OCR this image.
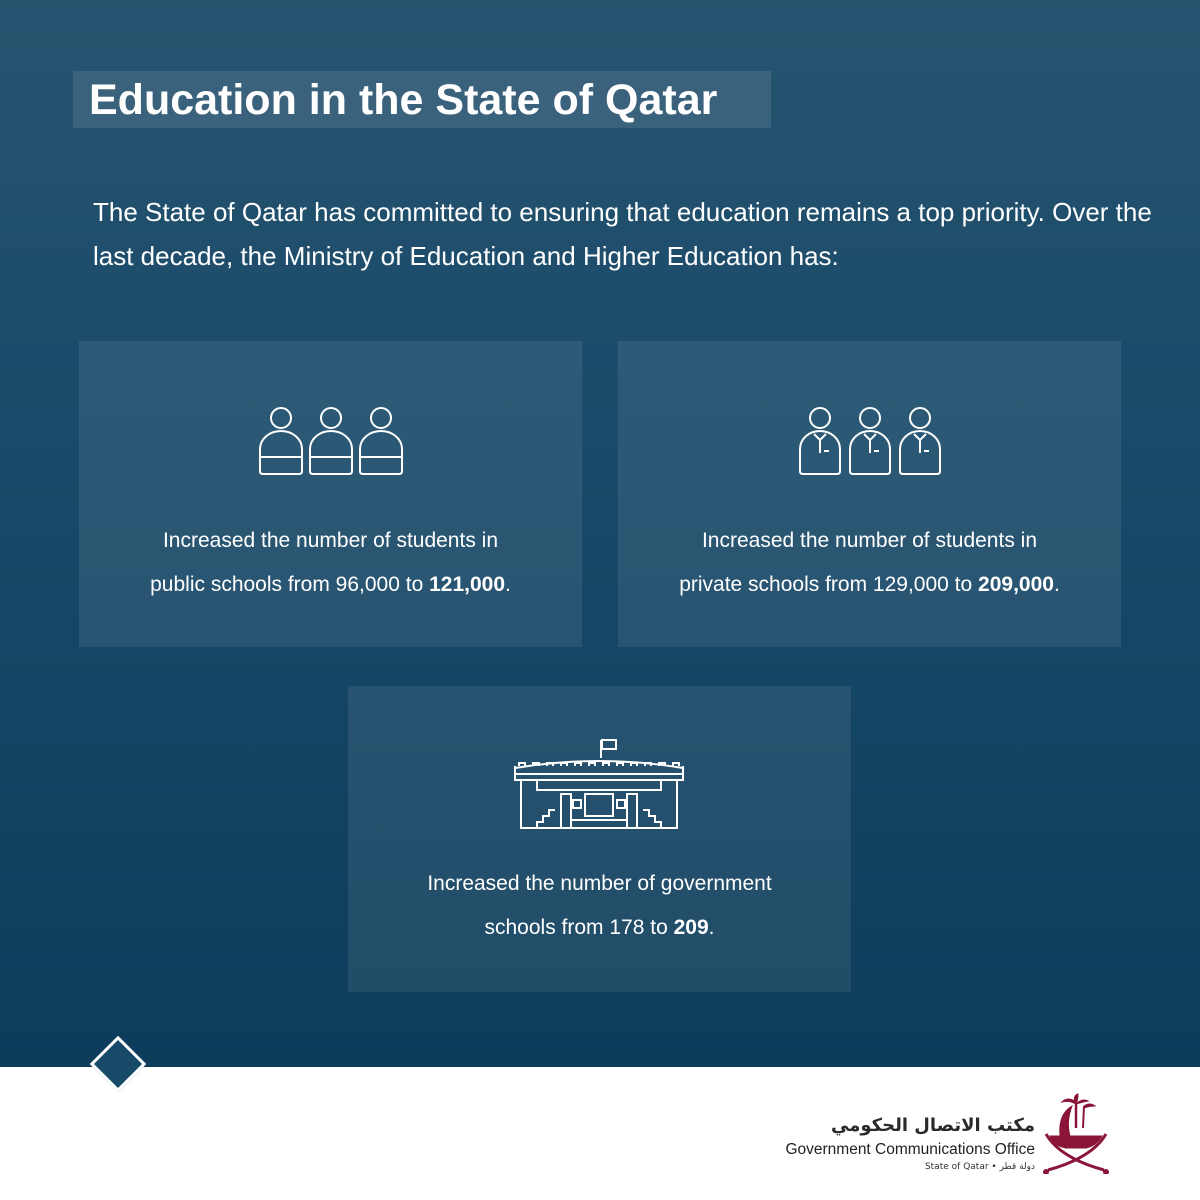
Education in the State of Qatar

The State of Qatar has committed to ensuring that education remains a top priority. Over the last decade, the Ministry of Education and Higher Education has:

Increased the number of students in
public schools from 96,000 to 121,000.

Increased the number of students in
private schools from 129,000 to 209,000.

Increased the number of government
schools from 178 to 209.

مكتب الاتصال الحكومي

Government Communications Office

State of Qatar • دولة قطر
